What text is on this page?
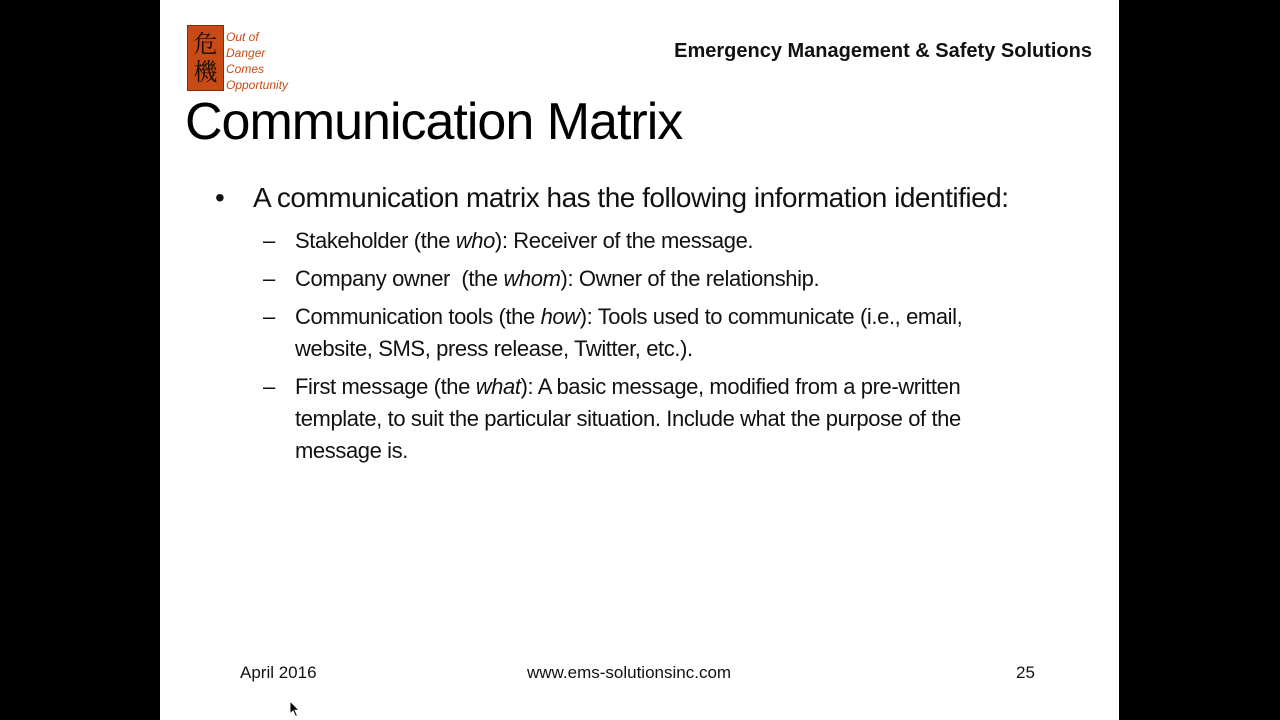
危
機
Out of
Danger
Comes
Opportunity
Emergency Management & Safety Solutions
Communication Matrix
• A communication matrix has the following information identified:
– Stakeholder (the who): Receiver of the message.
– Company owner  (the whom): Owner of the relationship.
– Communication tools (the how): Tools used to communicate (i.e., email, website, SMS, press release, Twitter, etc.).
– First message (the what): A basic message, modified from a pre-written template, to suit the particular situation. Include what the purpose of the message is.
April 2016	www.ems-solutionsinc.com	25
